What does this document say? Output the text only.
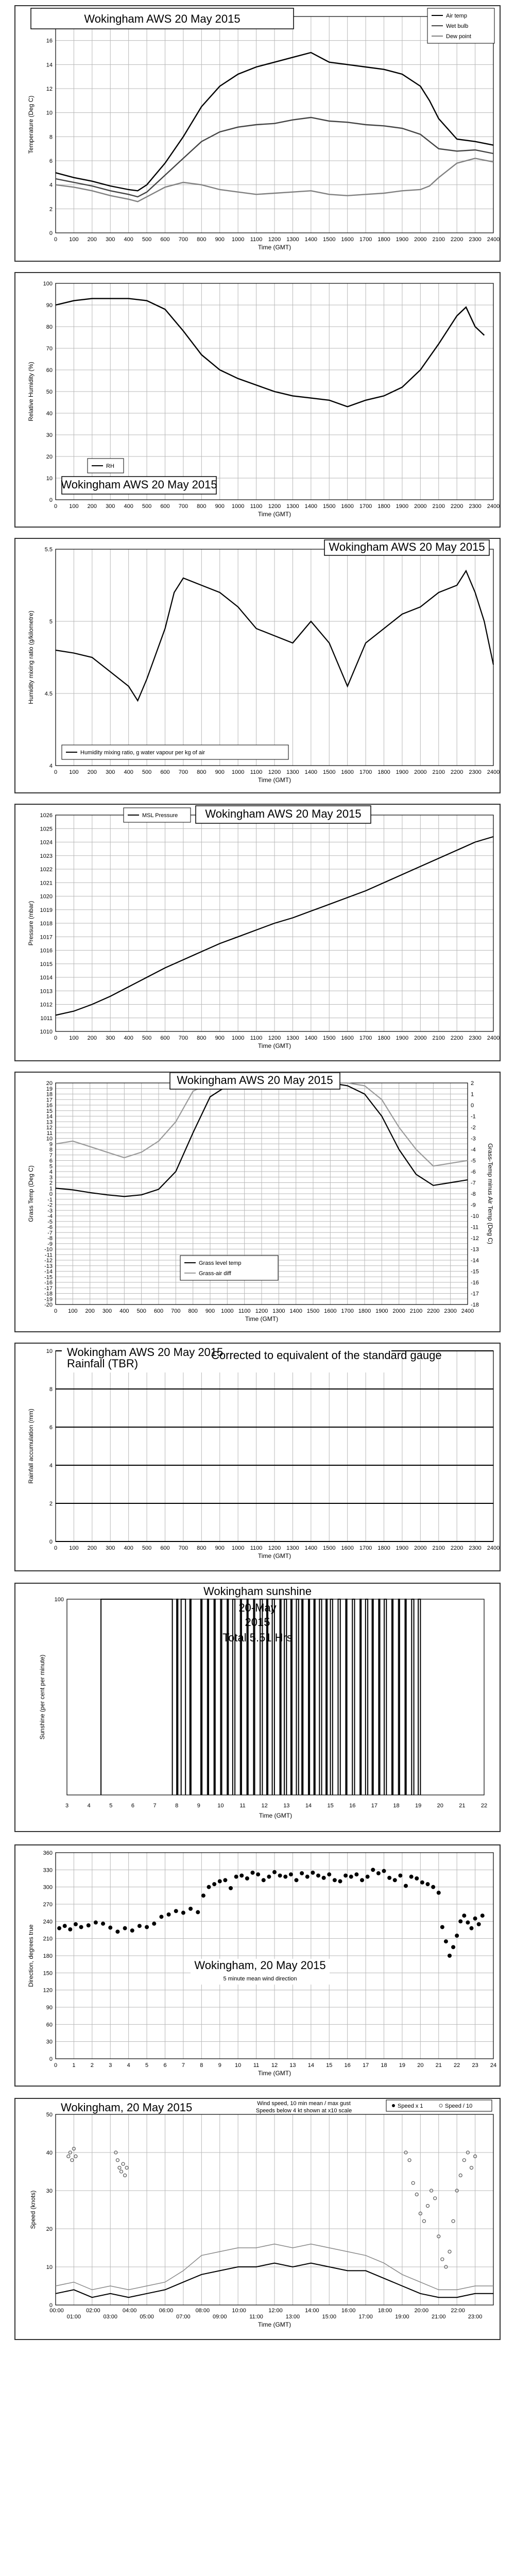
0 100 200 300 400 500 600 700 800 900 1000 1100 1200 1300 1400 1500 1600 1700 1800 1900 2000 2100 2200 2300 2400
0
2
4
6
8
10
12
14
16
Time (GMT)
Temperature (Deg C)
Wokingham AWS 20 May 2015	Air temp
Wet bulb
Dew point
0 100 200 300 400 500 600 700 800 900 1000 1100 1200 1300 1400 1500 1600 1700 1800 1900 2000 2100 2200 2300 2400
0
10
20
30
40
50
60
70
80
90
100
Time (GMT)
Relative Humidity (%)
RH
Wokingham AWS 20 May 2015
0 100 200 300 400 500 600 700 800 900 1000 1100 1200 1300 1400 1500 1600 1700 1800 1900 2000 2100 2200 2300 2400
4
4.5
5
5.5
Time (GMT)
Humidity mixing ratio (g/kilometre)
Wokingham AWS 20 May 2015
Humidity mixing ratio, g water vapour per kg of air
0 100 200 300 400 500 600 700 800 900 1000 1100 1200 1300 1400 1500 1600 1700 1800 1900 2000 2100 2200 2300 2400
1010
1011
1012
1013
1014
1015
1016
1017
1018
1019
1020
1021
1022
1023
1024
1025
1026
Time (GMT)
Pressure (mbar)
MSL Pressure Wokingham AWS 20 May 2015
0 100 200 300 400 500 600 700 800 900 1000 1100 1200 1300 1400 1500 1600 1700 1800 1900 2000 2100 2200 2300 2400
-20
-19
-18
-17
-16
-15
-14
-13
-12
-11
-10
-9
-8
-7
-6
-5
-4
-3
-2
-1
0
1
2
3
4
5
6
7
8
9
10
11
12
13
14
15
16
17
18
19
20
Time (GMT)
Grass Temp (Deg C)
-18
-17
-16
-15
-14
-13
-12
-11
-10
-9
-8
-7
-6
-5
-4
-3
-2
-1
0
1
2
Grass-Temp minus Air Temp (Deg C)
Wokingham AWS 20 May 2015
Grass level temp
Grass-air diff
0 100 200 300 400 500 600 700 800 900 1000 1100 1200 1300 1400 1500 1600 1700 1800 1900 2000 2100 2200 2300 2400
0
2
4
6
8
10
Time (GMT)
Rainfall accumulation (mm)
Wokingham AWS 20 May 2015
Rainfall (TBR)
Corrected to equivalent of the standard gauge
3	4	5	6	7	8	9	10	11	12	13	14	15	16	17	18	19	20	21	22
100
Time (GMT)
Sunshine (per cent per minute)
Wokingham sunshine
20-May
2015
Total 5.51 Hrs
0	1	2	3	4	5	6	7	8	9 10 11 12 13 14 15 16 17 18 19 20 21 22 23 24
0
30
60
90
120
150
180
210
240
270
300
330
360
Time (GMT)
Direction, degrees true	Wokingham, 20 May 2015
5 minute mean wind direction
0
10
20
30
40
50
00:00	02:00	04:00	06:00	08:00	10:00	12:00	14:00	16:00	18:00	20:00	22:00
01:00	03:00	05:00	07:00	09:00	11:00	13:00	15:00	17:00	19:00	21:00	23:00
Time (GMT)
Speed (knots)
Wokingham, 20 May 2015	Wind speed, 10 min mean / max gust
Speeds below 4 kt shown at x10 scale
Speed x 1	Speed / 10
